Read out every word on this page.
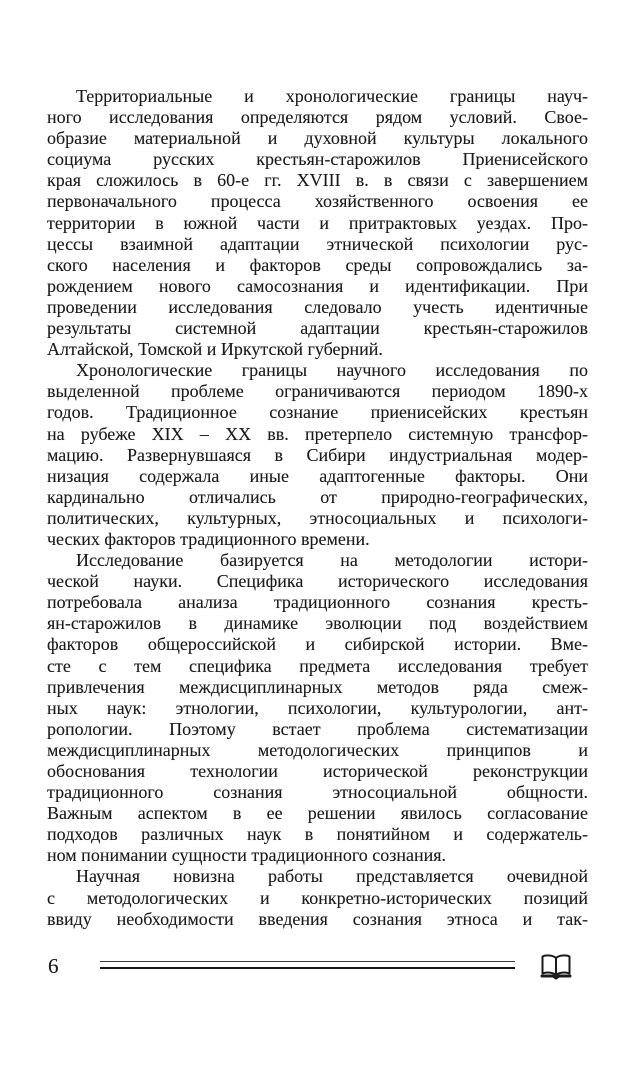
Территориальные и хронологические границы науч-
ного исследования определяются рядом условий. Свое-
образие материальной и духовной культуры локального
социума русских крестьян-старожилов Приенисейского
края сложилось в 60-е гг. XVIII в. в связи с завершением
первоначального процесса хозяйственного освоения ее
территории в южной части и притрактовых уездах. Про-
цессы взаимной адаптации этнической психологии рус-
ского населения и факторов среды сопровождались за-
рождением нового самосознания и идентификации. При
проведении исследования следовало учесть идентичные
результаты системной адаптации крестьян-старожилов
Алтайской, Томской и Иркутской губерний.
Хронологические границы научного исследования по
выделенной проблеме ограничиваются периодом 1890-х
годов. Традиционное сознание приенисейских крестьян
на рубеже XIX – XX вв. претерпело системную трансфор-
мацию. Развернувшаяся в Сибири индустриальная модер-
низация содержала иные адаптогенные факторы. Они
кардинально отличались от природно-географических,
политических, культурных, этносоциальных и психологи-
ческих факторов традиционного времени.
Исследование базируется на методологии истори-
ческой науки. Специфика исторического исследования
потребовала анализа традиционного сознания кресть-
ян-старожилов в динамике эволюции под воздействием
факторов общероссийской и сибирской истории. Вме-
сте с тем специфика предмета исследования требует
привлечения междисциплинарных методов ряда смеж-
ных наук: этнологии, психологии, культурологии, ант-
ропологии. Поэтому встает проблема систематизации
междисциплинарных методологических принципов и
обоснования технологии исторической реконструкции
традиционного сознания этносоциальной общности.
Важным аспектом в ее решении явилось согласование
подходов различных наук в понятийном и содержатель-
ном понимании сущности традиционного сознания.
Научная новизна работы представляется очевидной
с методологических и конкретно-исторических позиций
ввиду необходимости введения сознания этноса и так-
6
